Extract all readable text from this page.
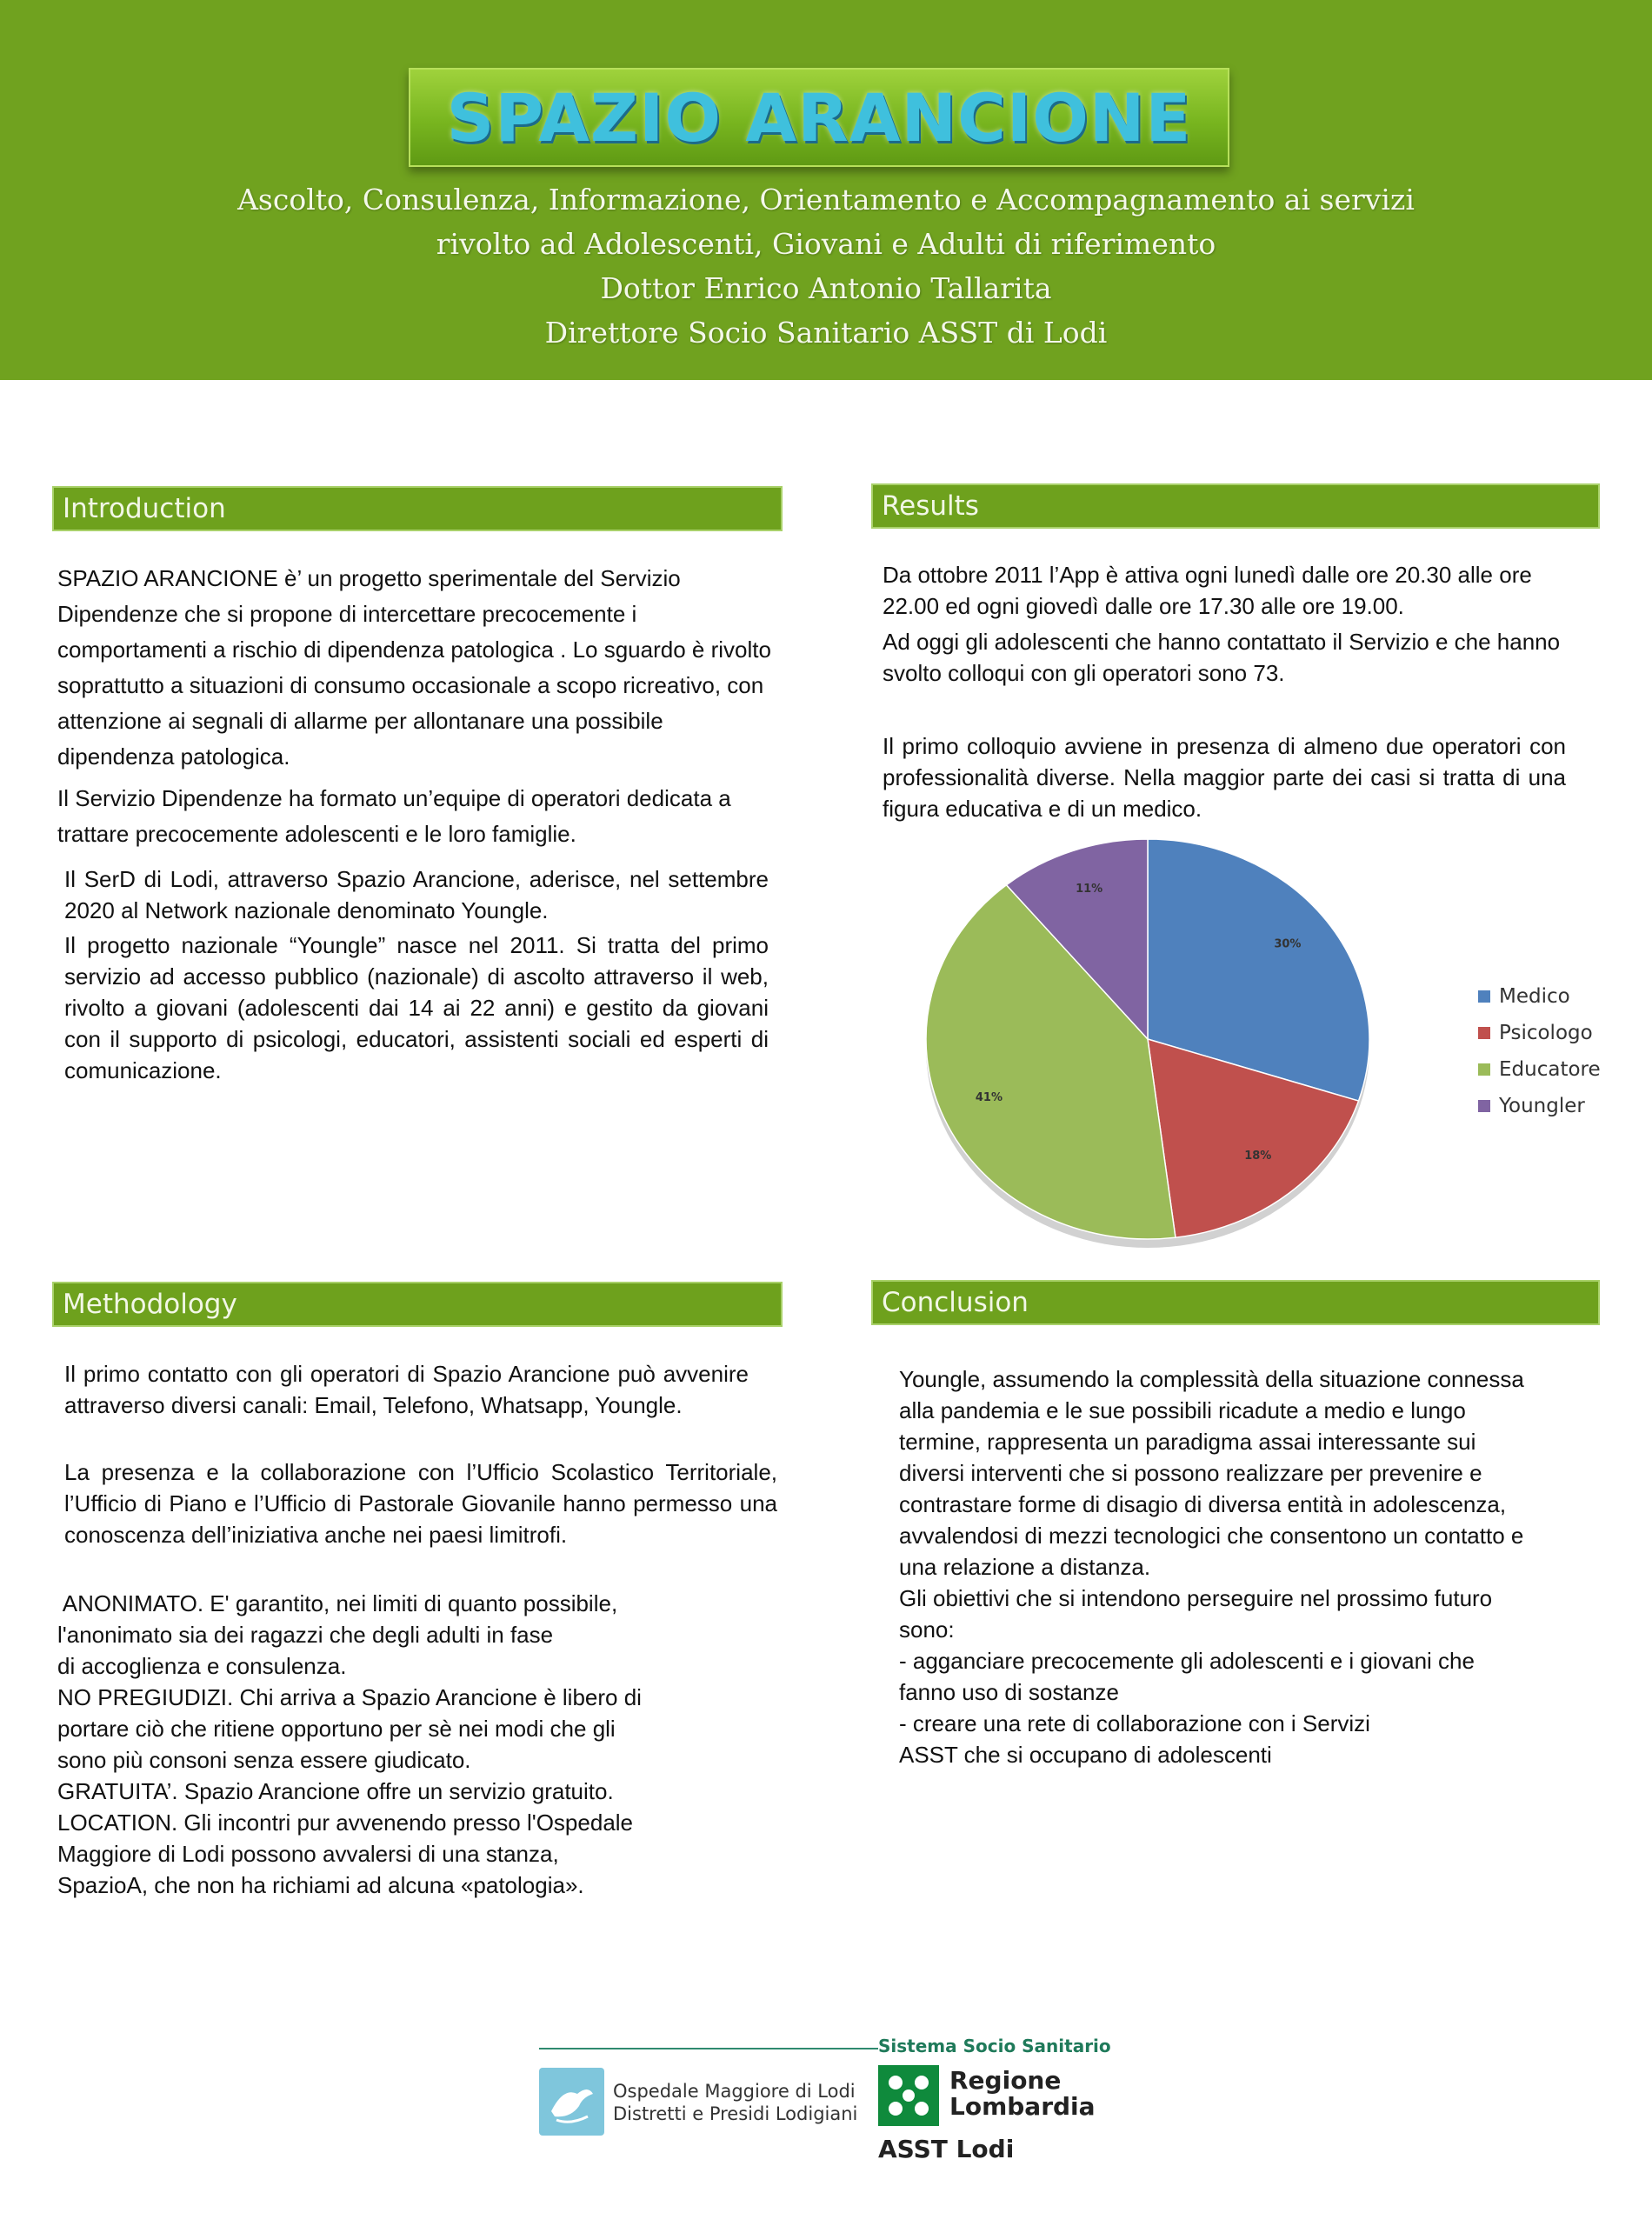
SPAZIO ARANCIONE
Ascolto, Consulenza, Informazione, Orientamento e Accompagnamento ai servizi
rivolto ad Adolescenti, Giovani e Adulti di riferimento
Dottor Enrico Antonio Tallarita
Direttore Socio Sanitario ASST di Lodi
Introduction

SPAZIO ARANCIONE è’ un progetto sperimentale del Servizio Dipendenze che si propone di intercettare precocemente i comportamenti a rischio di dipendenza patologica . Lo sguardo è rivolto soprattutto a situazioni di consumo occasionale a scopo ricreativo, con attenzione ai segnali di allarme per allontanare una possibile dipendenza patologica.

Il Servizio Dipendenze ha formato un’equipe di operatori dedicata a trattare precocemente adolescenti e le loro famiglie.

Il SerD di Lodi, attraverso Spazio Arancione, aderisce, nel settembre 2020 al Network nazionale denominato Youngle.

Il progetto nazionale “Youngle” nasce nel 2011. Si tratta del primo servizio ad accesso pubblico (nazionale) di ascolto attraverso il web, rivolto a giovani (adolescenti dai 14 ai 22 anni) e gestito da giovani con il supporto di psicologi, educatori, assistenti sociali ed esperti di comunicazione.

Results

Da ottobre 2011 l’App è attiva ogni lunedì dalle ore 20.30 alle ore 22.00 ed ogni giovedì dalle ore 17.30 alle ore 19.00.

Ad oggi gli adolescenti che hanno contattato il Servizio e che hanno svolto colloqui con gli operatori sono 73.

Il primo colloquio avviene in presenza di almeno due operatori con professionalità diverse. Nella maggior parte dei casi si tratta di una figura educativa e di un medico.

30%
18%
41%
11%
Medico
Psicologo
Educatore
Youngler
Methodology

Il primo contatto con gli operatori di Spazio Arancione può avvenire attraverso diversi canali: Email, Telefono, Whatsapp, Youngle.

La presenza e la collaborazione con l’Ufficio Scolastico Territoriale, l’Ufficio di Piano e l’Ufficio di Pastorale Giovanile hanno permesso una conoscenza dell’iniziativa anche nei paesi limitrofi.

ANONIMATO. E' garantito, nei limiti di quanto possibile,
l'anonimato sia dei ragazzi che degli adulti in fase
di accoglienza e consulenza.
NO PREGIUDIZI. Chi arriva a Spazio Arancione è libero di
portare ciò che ritiene opportuno per sè nei modi che gli
sono più consoni senza essere giudicato.
GRATUITA’. Spazio Arancione offre un servizio gratuito.
LOCATION. Gli incontri pur avvenendo presso l'Ospedale
Maggiore di Lodi possono avvalersi di una stanza,
SpazioA, che non ha richiami ad alcuna «patologia».
Conclusion
Youngle, assumendo la complessità della situazione connessa
alla pandemia e le sue possibili ricadute a medio e lungo
termine, rappresenta un paradigma assai interessante sui
diversi interventi che si possono realizzare per prevenire e
contrastare forme di disagio di diversa entità in adolescenza,
avvalendosi di mezzi tecnologici che consentono un contatto e
una relazione a distanza.
Gli obiettivi che si intendono perseguire nel prossimo futuro
sono:
- agganciare precocemente gli adolescenti e i giovani che
fanno uso di sostanze
- creare una rete di collaborazione con i Servizi
ASST che si occupano di adolescenti
Sistema Socio Sanitario
Ospedale Maggiore di Lodi
Distretti e Presidi Lodigiani
Regione
Lombardia
ASST Lodi
